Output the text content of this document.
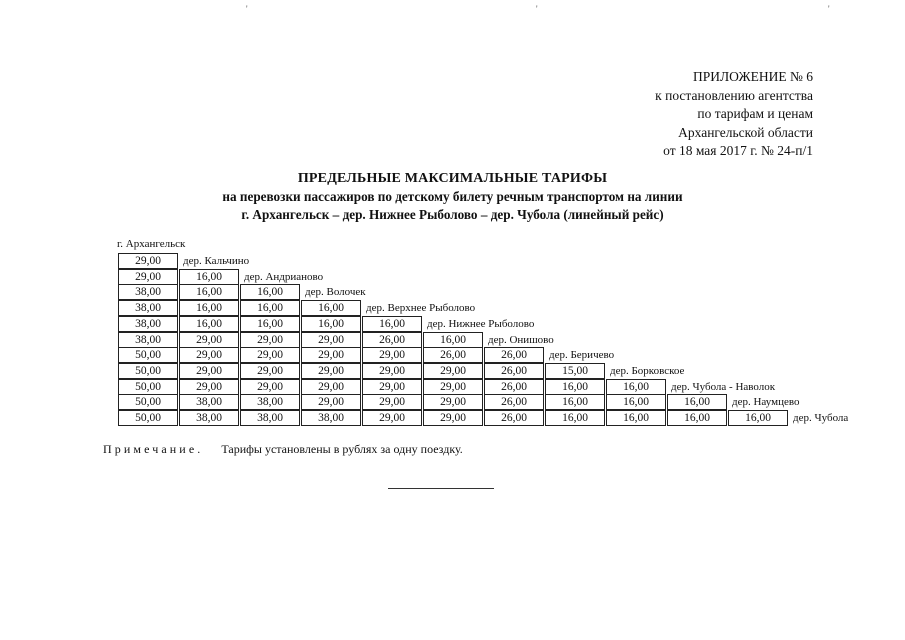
ПРИЛОЖЕНИЕ № 6
к постановлению агентства
по тарифам и ценам
Архангельской области
от 18 мая 2017 г. № 24-п/1
ПРЕДЕЛЬНЫЕ МАКСИМАЛЬНЫЕ ТАРИФЫ
на перевозки пассажиров по детскому билету речным транспортом на линии
г. Архангельск – дер. Нижнее Рыболово – дер. Чубола (линейный рейс)
г. Архангельск
29,00	дер. Кальчино
29,00	16,00	дер. Андрианово
38,00	16,00	16,00	дер. Волочек
38,00	16,00	16,00	16,00	дер. Верхнее Рыболово
38,00	16,00	16,00	16,00	16,00	дер. Нижнее Рыболово
38,00	29,00	29,00	29,00	26,00	16,00	дер. Онишово
50,00	29,00	29,00	29,00	29,00	26,00	26,00	дер. Беричево
50,00	29,00	29,00	29,00	29,00	29,00	26,00	15,00	дер. Борковское
50,00	29,00	29,00	29,00	29,00	29,00	26,00	16,00	16,00	дер. Чубола - Наволок
50,00	38,00	38,00	29,00	29,00	29,00	26,00	16,00	16,00	16,00	дер. Наумцево
50,00	38,00	38,00	38,00	29,00	29,00	26,00	16,00	16,00	16,00	16,00	дер. Чубола
Примечание. Тарифы установлены в рублях за одну поездку.
'	'	'
